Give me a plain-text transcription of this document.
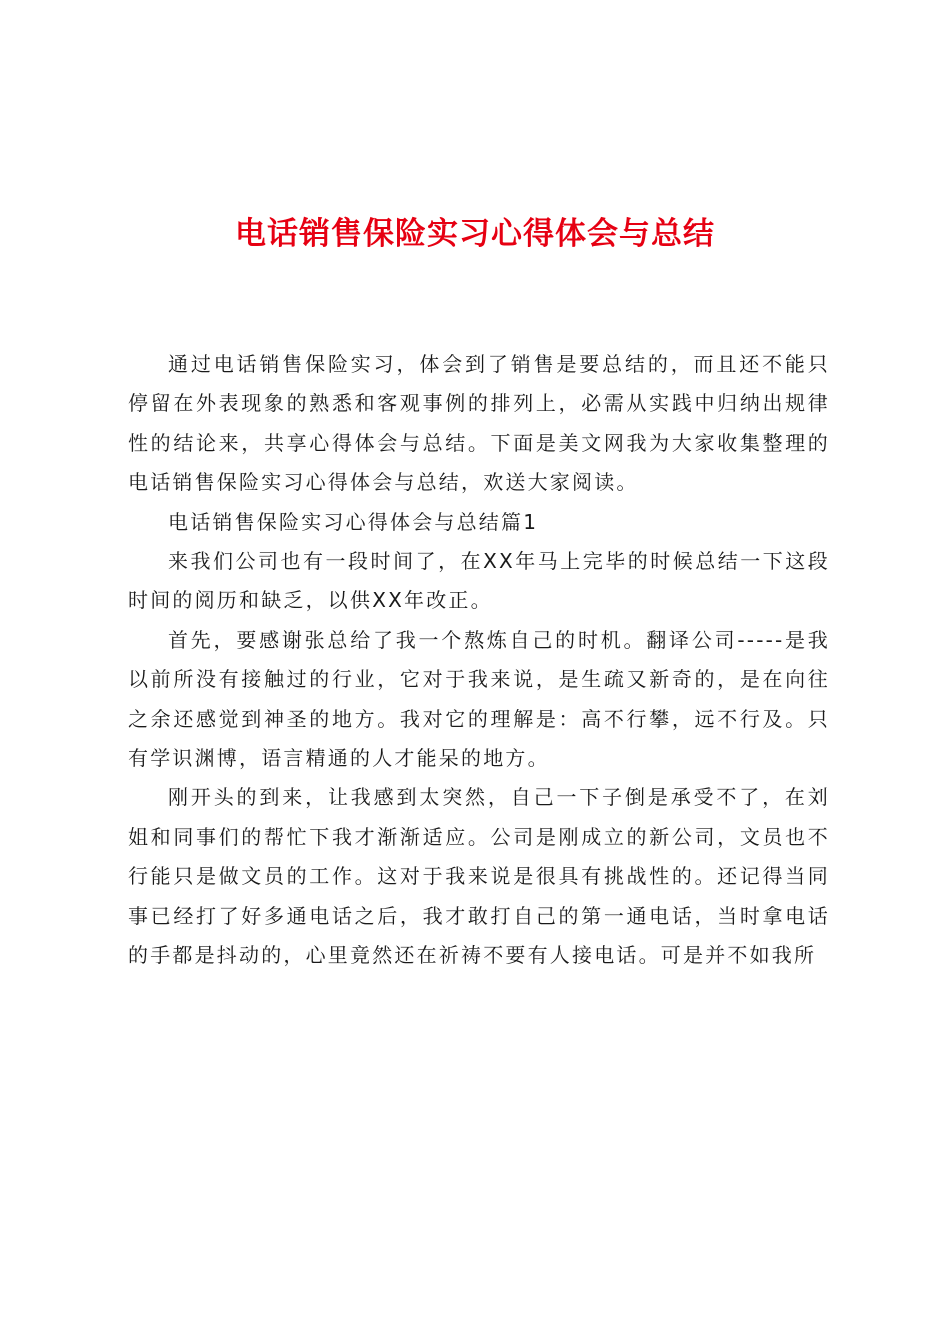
电话销售保险实习心得体会与总结

通过电话销售保险实习，体会到了销售是要总结的，而且还不能只停留在外表现象的熟悉和客观事例的排列上，必需从实践中归纳出规律性的结论来，共享心得体会与总结。下面是美文网我为大家收集整理的电话销售保险实习心得体会与总结，欢送大家阅读。

电话销售保险实习心得体会与总结篇1

来我们公司也有一段时间了，在XX年马上完毕的时候总结一下这段时间的阅历和缺乏，以供XX年改正。

首先，要感谢张总给了我一个熬炼自己的时机。翻译公司-----是我以前所没有接触过的行业，它对于我来说，是生疏又新奇的，是在向往之余还感觉到神圣的地方。我对它的理解是：高不行攀，远不行及。只有学识渊博，语言精通的人才能呆的地方。

刚开头的到来，让我感到太突然，自己一下子倒是承受不了，在刘姐和同事们的帮忙下我才渐渐适应。公司是刚成立的新公司，文员也不行能只是做文员的工作。这对于我来说是很具有挑战性的。还记得当同事已经打了好多通电话之后，我才敢打自己的第一通电话，当时拿电话的手都是抖动的，心里竟然还在祈祷不要有人接电话。可是并不如我所
